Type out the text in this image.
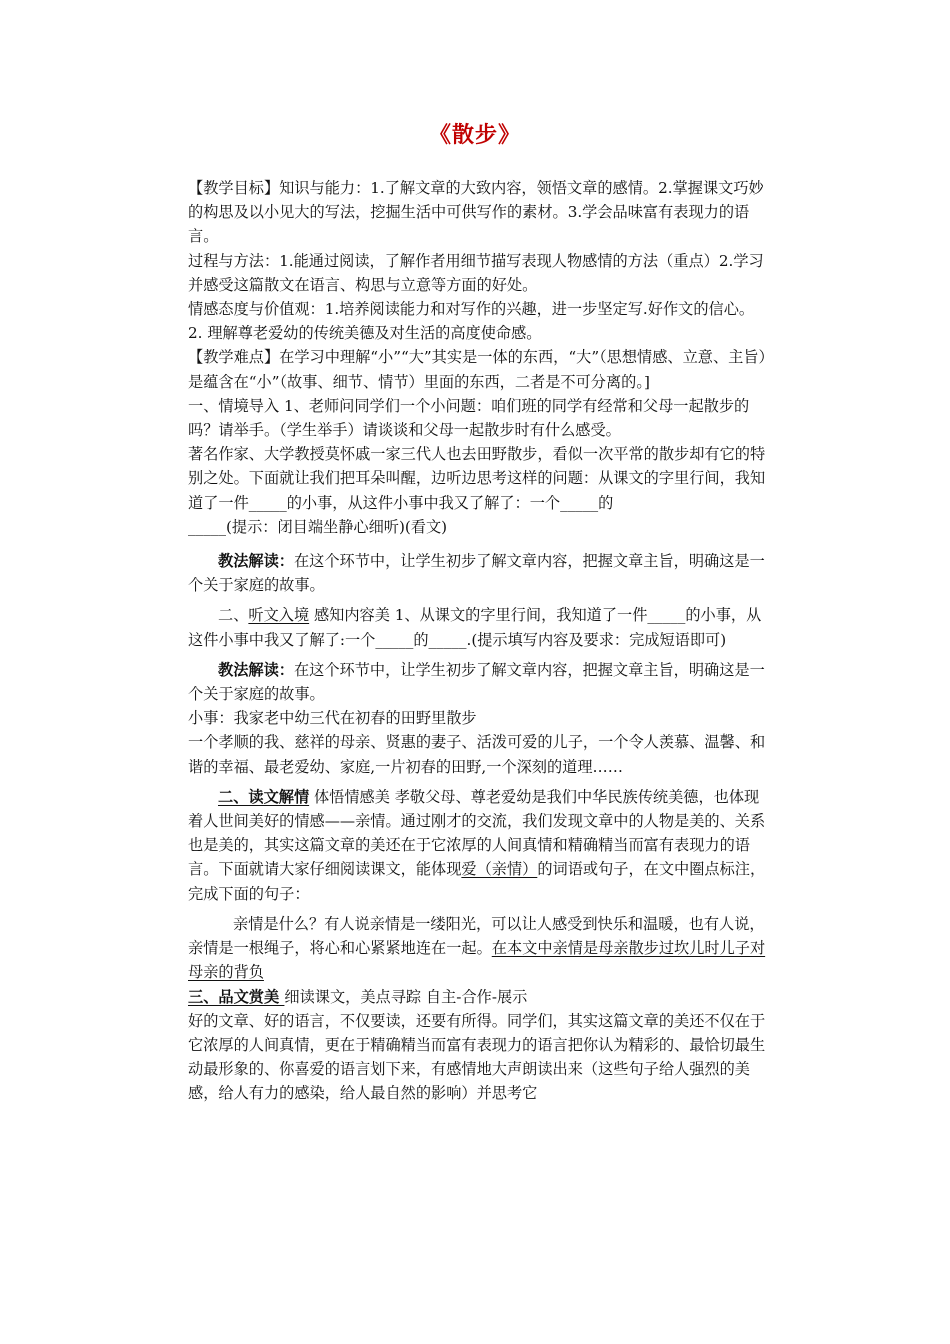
《散步》

【教学目标】知识与能力：1.了解文章的大致内容，领悟文章的感情。2.掌握课文巧妙的构思及以小见大的写法，挖掘生活中可供写作的素材。3.学会品味富有表现力的语言。

过程与方法：1.能通过阅读，了解作者用细节描写表现人物感情的方法（重点）2.学习并感受这篇散文在语言、构思与立意等方面的好处。

情感态度与价值观：1.培养阅读能力和对写作的兴趣，进一步坚定写.好作文的信心。

2. 理解尊老爱幼的传统美德及对生活的高度使命感。

【教学难点】在学习中理解“小”“大”其实是一体的东西，“大”（思想情感、立意、主旨）是蕴含在“小”（故事、细节、情节）里面的东西，二者是不可分离的。]

一、情境导入 1、老师问同学们一个小问题：咱们班的同学有经常和父母一起散步的吗？请举手。（学生举手）请谈谈和父母一起散步时有什么感受。

著名作家、大学教授莫怀戚一家三代人也去田野散步，看似一次平常的散步却有它的特别之处。下面就让我们把耳朵叫醒，边听边思考这样的问题：从课文的字里行间，我知道了一件_____的小事，从这件小事中我又了解了：一个_____的

_____(提示：闭目端坐静心细听)(看文)

教法解读：在这个环节中，让学生初步了解文章内容，把握文章主旨，明确这是一个关于家庭的故事。

二、听文入境 感知内容美 1、从课文的字里行间，我知道了一件_____的小事，从这件小事中我又了解了:一个_____的_____.(提示填写内容及要求：完成短语即可)

教法解读：在这个环节中，让学生初步了解文章内容，把握文章主旨，明确这是一个关于家庭的故事。

小事：我家老中幼三代在初春的田野里散步

一个孝顺的我、慈祥的母亲、贤惠的妻子、活泼可爱的儿子，一个令人羡慕、温馨、和谐的幸福、最老爱幼、家庭,一片初春的田野,一个深刻的道理……

二、读文解情 体悟情感美 孝敬父母、尊老爱幼是我们中华民族传统美德，也体现着人世间美好的情感——亲情。通过刚才的交流，我们发现文章中的人物是美的、关系也是美的，其实这篇文章的美还在于它浓厚的人间真情和精确精当而富有表现力的语言。下面就请大家仔细阅读课文，能体现爱（亲情）的词语或句子，在文中圈点标注，完成下面的句子：

亲情是什么？有人说亲情是一缕阳光，可以让人感受到快乐和温暖，也有人说，亲情是一根绳子，将心和心紧紧地连在一起。在本文中亲情是母亲散步过坎儿时儿子对母亲的背负

三、品文赏美 细读课文，美点寻踪 自主-合作-展示

好的文章、好的语言，不仅要读，还要有所得。同学们，其实这篇文章的美还不仅在于它浓厚的人间真情，更在于精确精当而富有表现力的语言把你认为精彩的、最恰切最生动最形象的、你喜爱的语言划下来，有感情地大声朗读出来（这些句子给人强烈的美感，给人有力的感染，给人最自然的影响）并思考它
